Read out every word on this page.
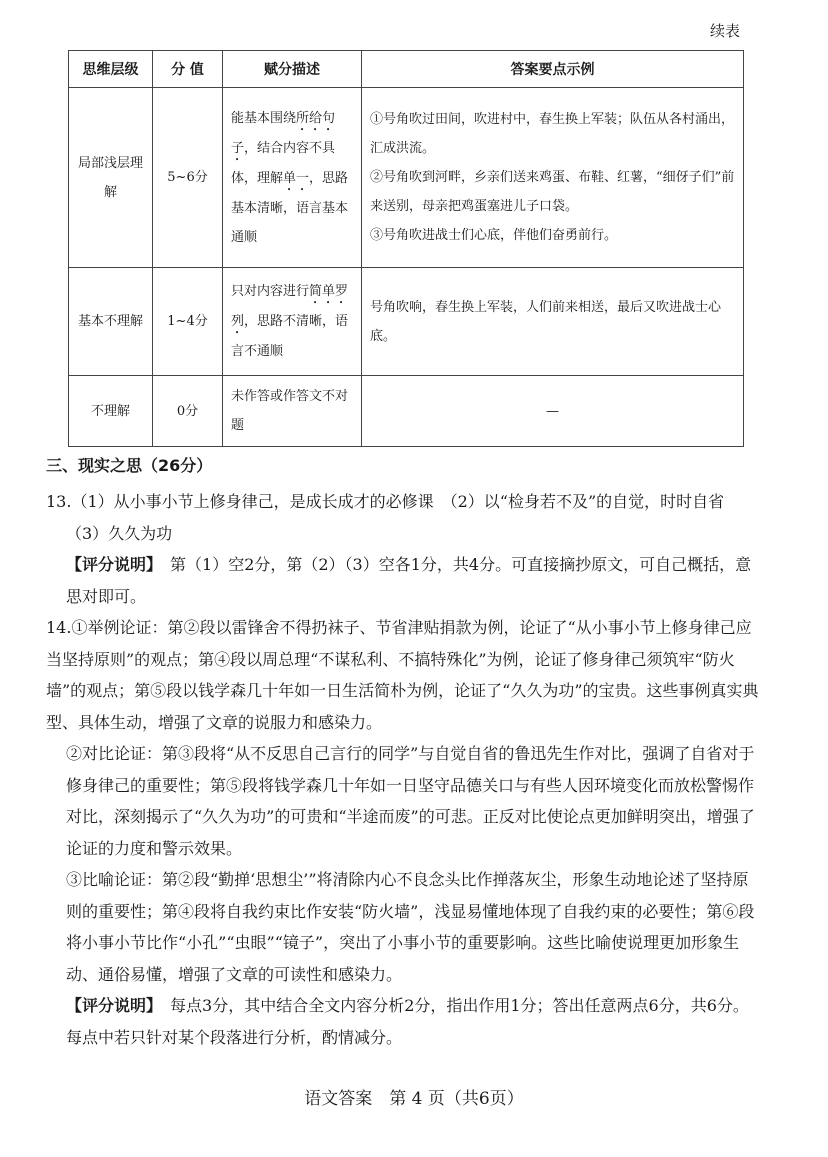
续表
思维层级	分 值	赋分描述	答案要点示例
局部浅层理解	5~6分	能基本围绕所给句子，结合内容不具体，理解单一，思路基本清晰，语言基本通顺	①号角吹过田间，吹进村中，春生换上军装；队伍从各村涌出，汇成洪流。
②号角吹到河畔，乡亲们送来鸡蛋、布鞋、红薯，“细伢子们”前来送别，母亲把鸡蛋塞进儿子口袋。
③号角吹进战士们心底，伴他们奋勇前行。

基本不理解	1~4分	只对内容进行简单罗列，思路不清晰，语言不通顺	号角吹响，春生换上军装，人们前来相送，最后又吹进战士心底。

不理解	0分	未作答或作答文不对题	—
三、现实之思（26分）
13.（1）从小事小节上修身律己，是成长成才的必修课　（2）以“检身若不及”的自觉，时时自省
（3）久久为功
【评分说明】　第（1）空2分，第（2）（3）空各1分，共4分。可直接摘抄原文，可自己概括，意思对即可。
14.①举例论证：第②段以雷锋舍不得扔袜子、节省津贴捐款为例，论证了“从小事小节上修身律己应当坚持原则”的观点；第④段以周总理“不谋私利、不搞特殊化”为例，论证了修身律己须筑牢“防火墙”的观点；第⑤段以钱学森几十年如一日生活简朴为例，论证了“久久为功”的宝贵。这些事例真实典型、具体生动，增强了文章的说服力和感染力。
②对比论证：第③段将“从不反思自己言行的同学”与自觉自省的鲁迅先生作对比，强调了自省对于修身律己的重要性；第⑤段将钱学森几十年如一日坚守品德关口与有些人因环境变化而放松警惕作对比，深刻揭示了“久久为功”的可贵和“半途而废”的可悲。正反对比使论点更加鲜明突出，增强了论证的力度和警示效果。
③比喻论证：第②段“勤掸‘思想尘’”将清除内心不良念头比作掸落灰尘，形象生动地论述了坚持原则的重要性；第④段将自我约束比作安装“防火墙”，浅显易懂地体现了自我约束的必要性；第⑥段将小事小节比作“小孔”“虫眼”“镜子”，突出了小事小节的重要影响。这些比喻使说理更加形象生动、通俗易懂，增强了文章的可读性和感染力。
【评分说明】　每点3分，其中结合全文内容分析2分，指出作用1分；答出任意两点6分，共6分。每点中若只针对某个段落进行分析，酌情减分。
语文答案　第 4 页（共6页）
